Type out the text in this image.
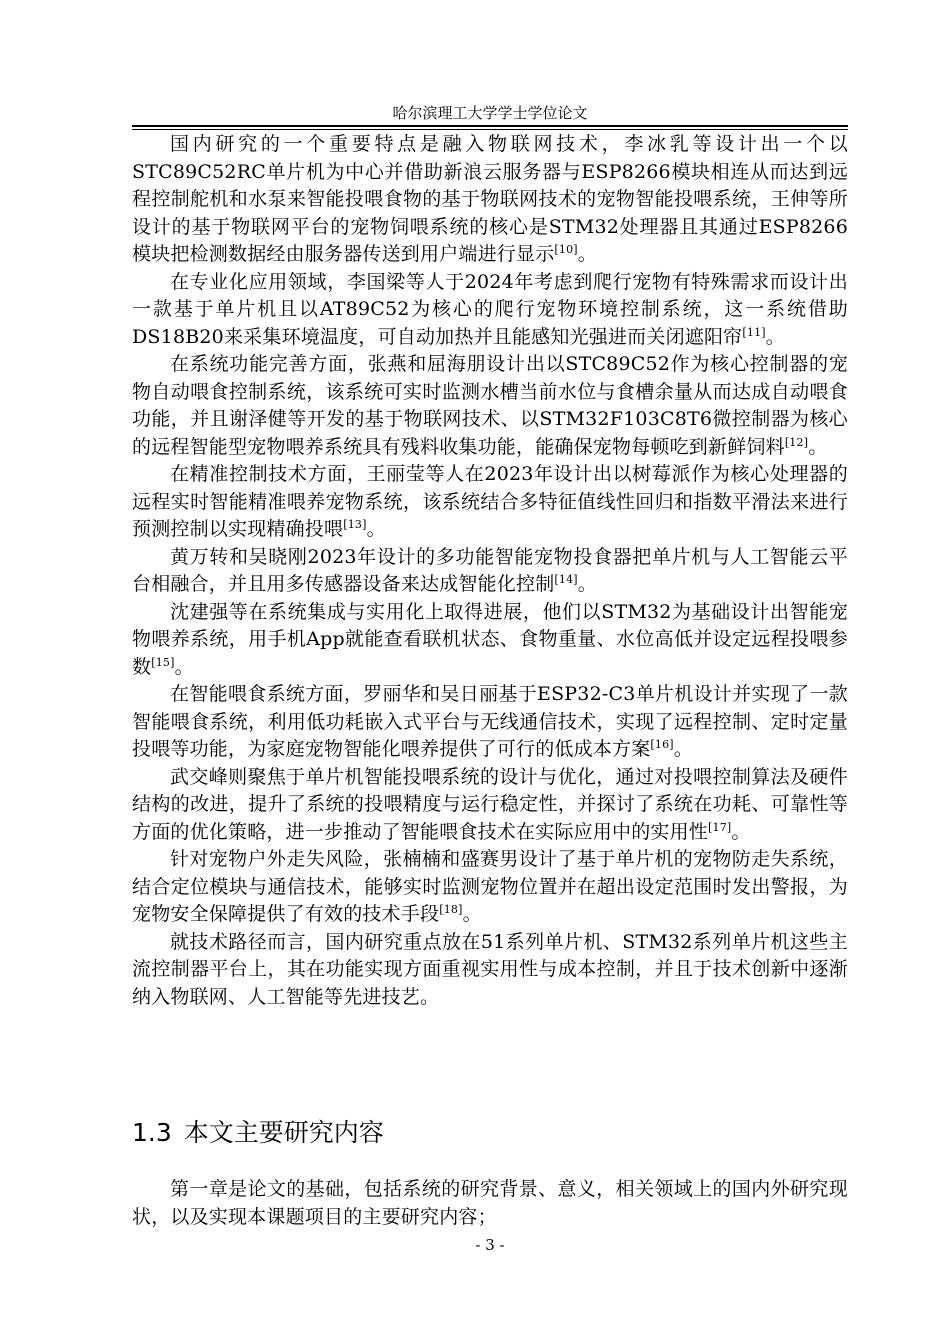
哈尔滨理工大学学士学位论文

国内研究的一个重要特点是融入物联网技术，李冰乳等设计出一个以STC89C52RC单片机为中心并借助新浪云服务器与ESP8266模块相连从而达到远程控制舵机和水泵来智能投喂食物的基于物联网技术的宠物智能投喂系统，王伸等所设计的基于物联网平台的宠物饲喂系统的核心是STM32处理器且其通过ESP8266模块把检测数据经由服务器传送到用户端进行显示[10]。

在专业化应用领域，李国梁等人于2024年考虑到爬行宠物有特殊需求而设计出一款基于单片机且以AT89C52为核心的爬行宠物环境控制系统，这一系统借助DS18B20来采集环境温度，可自动加热并且能感知光强进而关闭遮阳帘[11]。

在系统功能完善方面，张燕和屈海朋设计出以STC89C52作为核心控制器的宠物自动喂食控制系统，该系统可实时监测水槽当前水位与食槽余量从而达成自动喂食功能，并且谢泽健等开发的基于物联网技术、以STM32F103C8T6微控制器为核心的远程智能型宠物喂养系统具有残料收集功能，能确保宠物每顿吃到新鲜饲料[12]。

在精准控制技术方面，王丽莹等人在2023年设计出以树莓派作为核心处理器的远程实时智能精准喂养宠物系统，该系统结合多特征值线性回归和指数平滑法来进行预测控制以实现精确投喂[13]。

黄万转和吴晓刚2023年设计的多功能智能宠物投食器把单片机与人工智能云平台相融合，并且用多传感器设备来达成智能化控制[14]。

沈建强等在系统集成与实用化上取得进展，他们以STM32为基础设计出智能宠物喂养系统，用手机App就能查看联机状态、食物重量、水位高低并设定远程投喂参数[15]。

在智能喂食系统方面，罗丽华和吴日丽基于ESP32-C3单片机设计并实现了一款智能喂食系统，利用低功耗嵌入式平台与无线通信技术，实现了远程控制、定时定量投喂等功能，为家庭宠物智能化喂养提供了可行的低成本方案[16]。

武交峰则聚焦于单片机智能投喂系统的设计与优化，通过对投喂控制算法及硬件结构的改进，提升了系统的投喂精度与运行稳定性，并探讨了系统在功耗、可靠性等方面的优化策略，进一步推动了智能喂食技术在实际应用中的实用性[17]。

针对宠物户外走失风险，张楠楠和盛赛男设计了基于单片机的宠物防走失系统，结合定位模块与通信技术，能够实时监测宠物位置并在超出设定范围时发出警报，为宠物安全保障提供了有效的技术手段[18]。

就技术路径而言，国内研究重点放在51系列单片机、STM32系列单片机这些主流控制器平台上，其在功能实现方面重视实用性与成本控制，并且于技术创新中逐渐纳入物联网、人工智能等先进技艺。

1.3 本文主要研究内容

第一章是论文的基础，包括系统的研究背景、意义，相关领域上的国内外研究现状，以及实现本课题项目的主要研究内容；

- 3 -
